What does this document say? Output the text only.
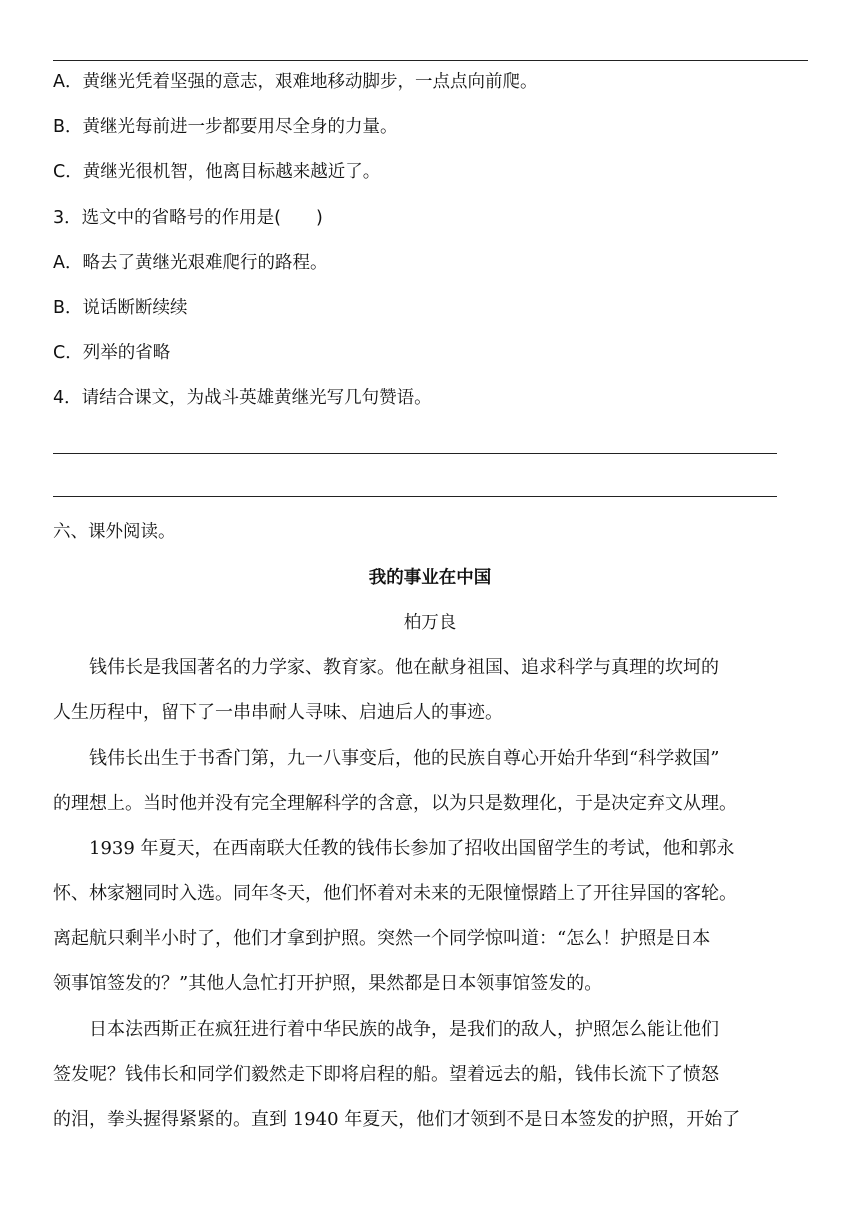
A．黄继光凭着坚强的意志，艰难地移动脚步，一点点向前爬。
B．黄继光每前进一步都要用尽全身的力量。
C．黄继光很机智，他离目标越来越近了。
3．选文中的省略号的作用是(　　)
A．略去了黄继光艰难爬行的路程。
B．说话断断续续
C．列举的省略
4．请结合课文，为战斗英雄黄继光写几句赞语。
六、课外阅读。
我的事业在中国
柏万良
　　钱伟长是我国著名的力学家、教育家。他在献身祖国、追求科学与真理的坎坷的
人生历程中，留下了一串串耐人寻味、启迪后人的事迹。
　　钱伟长出生于书香门第，九一八事变后，他的民族自尊心开始升华到“科学救国”
的理想上。当时他并没有完全理解科学的含意，以为只是数理化，于是决定弃文从理。
　　1939 年夏天，在西南联大任教的钱伟长参加了招收出国留学生的考试，他和郭永
怀、林家翘同时入选。同年冬天，他们怀着对未来的无限憧憬踏上了开往异国的客轮。
离起航只剩半小时了，他们才拿到护照。突然一个同学惊叫道：“怎么！护照是日本
领事馆签发的？”其他人急忙打开护照，果然都是日本领事馆签发的。
　　日本法西斯正在疯狂进行着中华民族的战争，是我们的敌人，护照怎么能让他们
签发呢？钱伟长和同学们毅然走下即将启程的船。望着远去的船，钱伟长流下了愤怒
的泪，拳头握得紧紧的。直到 1940 年夏天，他们才领到不是日本签发的护照，开始了
